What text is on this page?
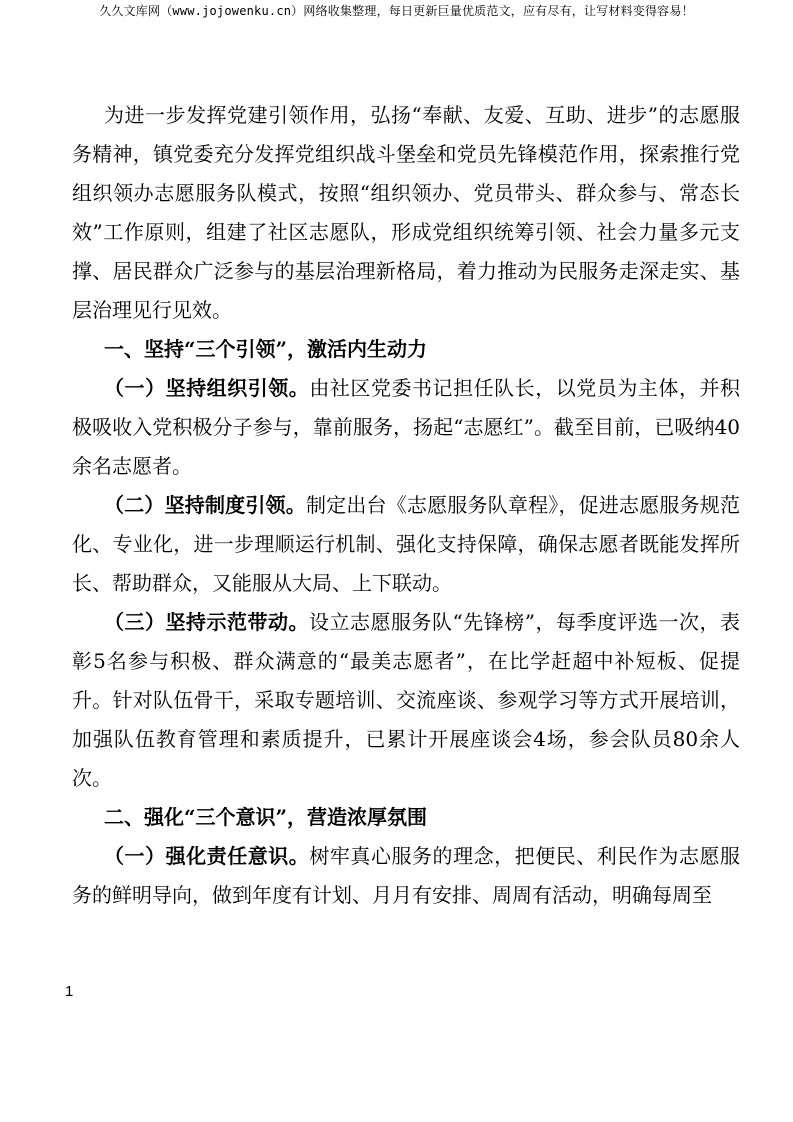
久久文库网（www.jojowenku.cn）网络收集整理，每日更新巨量优质范文，应有尽有，让写材料变得容易！

为进一步发挥党建引领作用，弘扬“奉献、友爱、互助、进步”的志愿服务精神，镇党委充分发挥党组织战斗堡垒和党员先锋模范作用，探索推行党组织领办志愿服务队模式，按照“组织领办、党员带头、群众参与、常态长效”工作原则，组建了社区志愿队，形成党组织统筹引领、社会力量多元支撑、居民群众广泛参与的基层治理新格局，着力推动为民服务走深走实、基层治理见行见效。

一、坚持“三个引领”，激活内生动力

（一）坚持组织引领。由社区党委书记担任队长，以党员为主体，并积极吸收入党积极分子参与，靠前服务，扬起“志愿红”。截至目前，已吸纳40余名志愿者。

（二）坚持制度引领。制定出台《志愿服务队章程》，促进志愿服务规范化、专业化，进一步理顺运行机制、强化支持保障，确保志愿者既能发挥所长、帮助群众，又能服从大局、上下联动。

（三）坚持示范带动。设立志愿服务队“先锋榜”，每季度评选一次，表彰5名参与积极、群众满意的“最美志愿者”，在比学赶超中补短板、促提升。针对队伍骨干，采取专题培训、交流座谈、参观学习等方式开展培训，加强队伍教育管理和素质提升，已累计开展座谈会4场，参会队员80余人次。

二、强化“三个意识”，营造浓厚氛围

（一）强化责任意识。树牢真心服务的理念，把便民、利民作为志愿服务的鲜明导向，做到年度有计划、月月有安排、周周有活动，明确每周至

1
